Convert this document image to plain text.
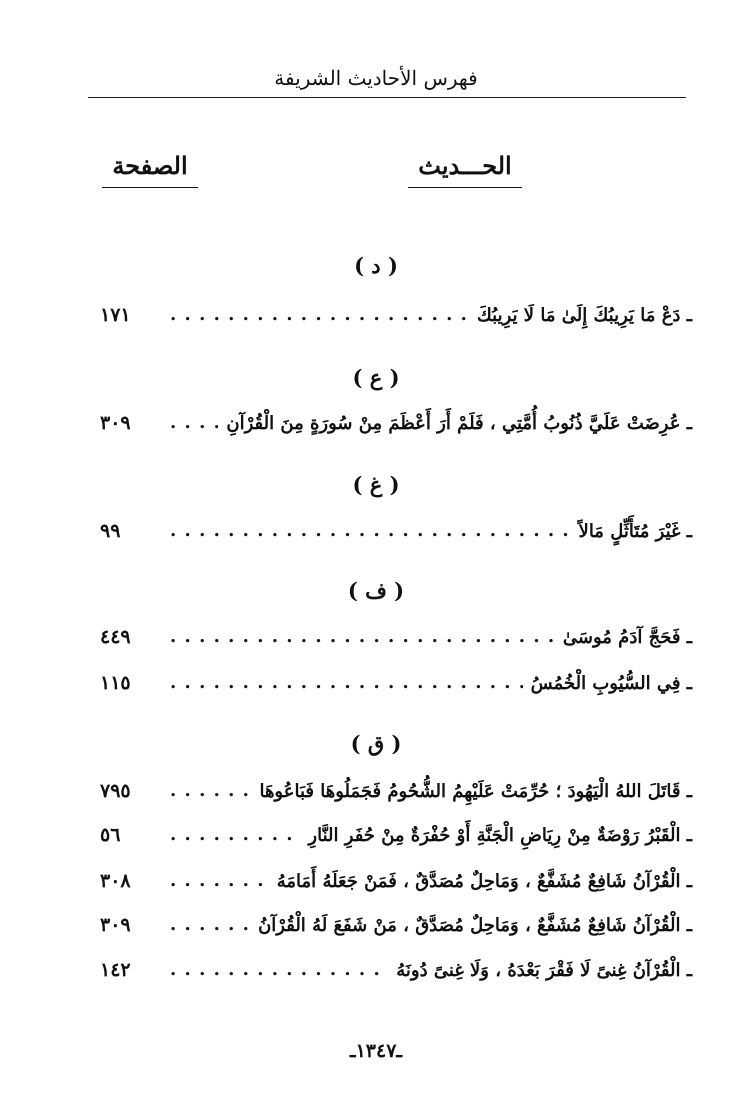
فهرس الأحاديث الشريفة
الحـــديث
الصفحة
( د )
ـ دَعْ مَا يَرِيبُكَ إِلَىٰ مَا لَا يَرِيبُكَ
. . .
١٧١
( ع )
ـ عُرِضَتْ عَلَيَّ ذُنُوبُ أُمَّتِي ، فَلَمْ أَرَ أَعْظَمَ مِنْ سُورَةٍ مِنَ الْقُرْآنِ
. . .
٣٠٩
( غ )
ـ غَيْرَ مُتَأَثِّلٍ مَالاً
. . .
٩٩
( ف )
ـ فَحَجَّ آدَمُ مُوسَىٰ
. . .
٤٤٩
ـ فِي السُّيُوبِ الْخُمُسُ
. . .
١١٥
( ق )
ـ قَاتَلَ اللهُ الْيَهُودَ ؛ حُرِّمَتْ عَلَيْهِمُ الشُّحُومُ فَجَمَلُوهَا فَبَاعُوهَا
. . .
٧٩٥
ـ الْقَبْرُ رَوْضَةٌ مِنْ رِيَاضِ الْجَنَّةِ أَوْ حُفْرَةٌ مِنْ حُفَرِ النَّارِ
. . .
٥٦
ـ الْقُرْآنُ شَافِعٌ مُشَفَّعٌ ، وَمَاحِلٌ مُصَدَّقٌ ، فَمَنْ جَعَلَهُ أَمَامَهُ
. . .
٣٠٨
ـ الْقُرْآنُ شَافِعٌ مُشَفَّعٌ ، وَمَاحِلٌ مُصَدَّقٌ ، مَنْ شَفَعَ لَهُ الْقُرْآنُ
. . .
٣٠٩
ـ الْقُرْآنُ غِنىً لَا فَقْرَ بَعْدَهُ ، وَلَا غِنىً دُونَهُ
. . .
١٤٢
ـ١٣٤٧ـ
